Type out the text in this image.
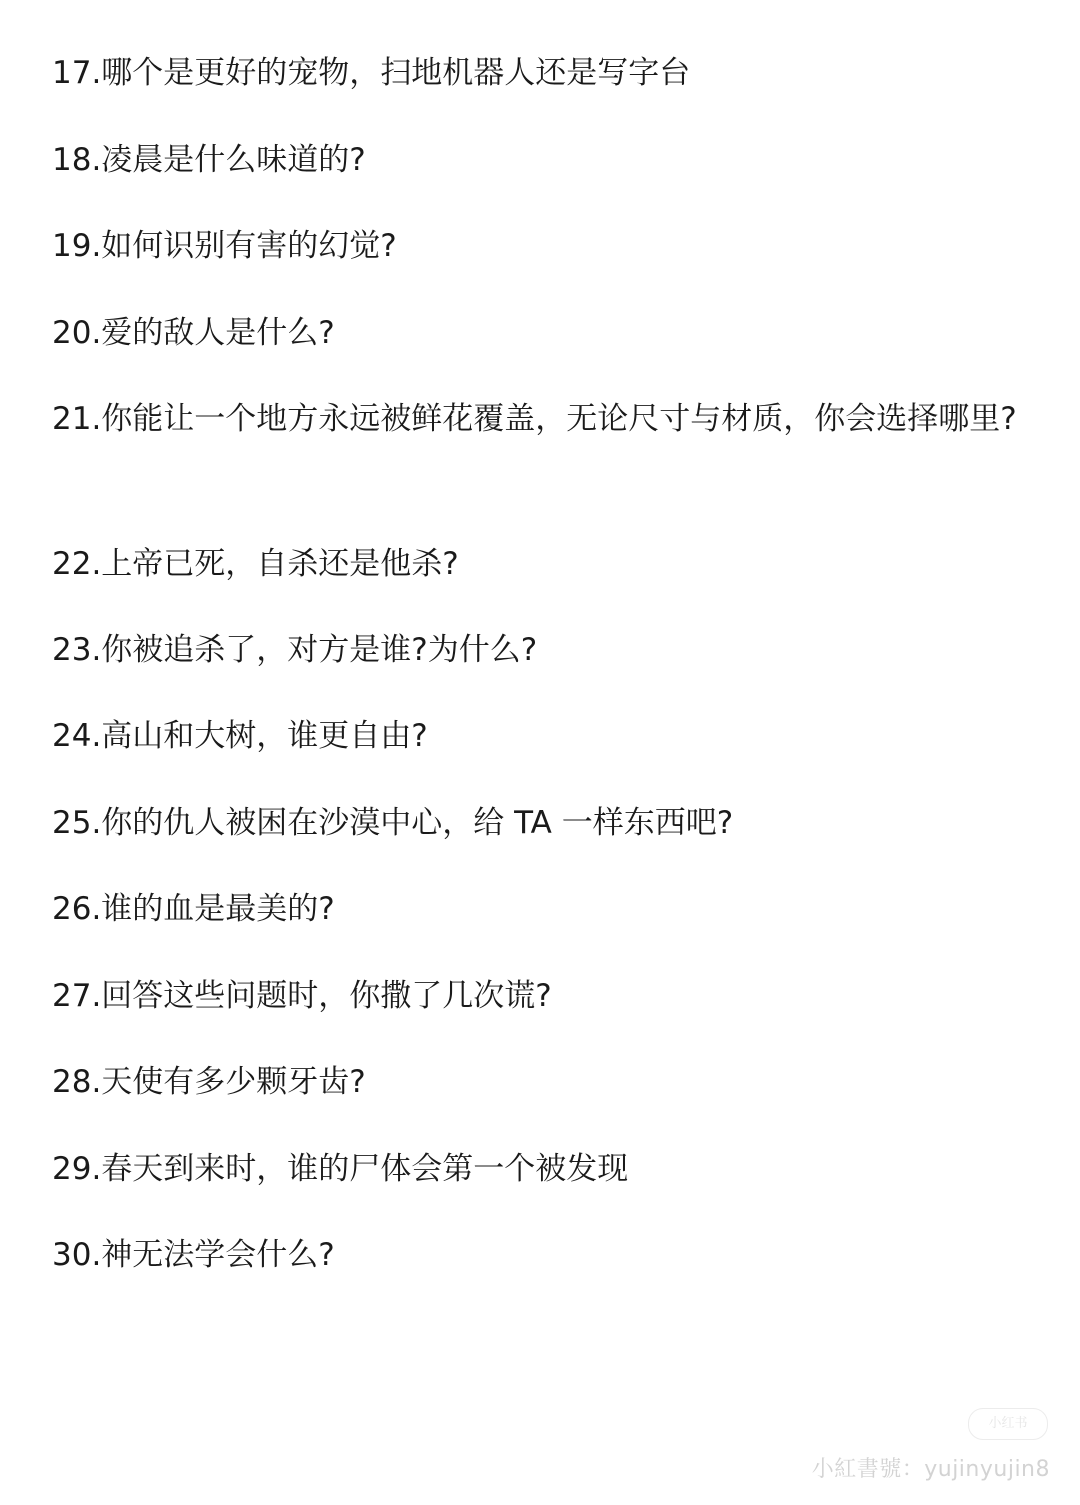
17.哪个是更好的宠物，扫地机器人还是写字台
18.凌晨是什么味道的?
19.如何识别有害的幻觉?
20.爱的敌人是什么?
21.你能让一个地方永远被鲜花覆盖，无论尺寸与材质，你会选择哪里?
22.上帝已死，自杀还是他杀?
23.你被追杀了，对方是谁?为什么?
24.高山和大树，谁更自由?
25.你的仇人被困在沙漠中心，给 TA 一样东西吧?
26.谁的血是最美的?
27.回答这些问题时，你撒了几次谎?
28.天使有多少颗牙齿?
29.春天到来时，谁的尸体会第一个被发现
30.神无法学会什么?
小红书
小紅書號：yujinyujin8
